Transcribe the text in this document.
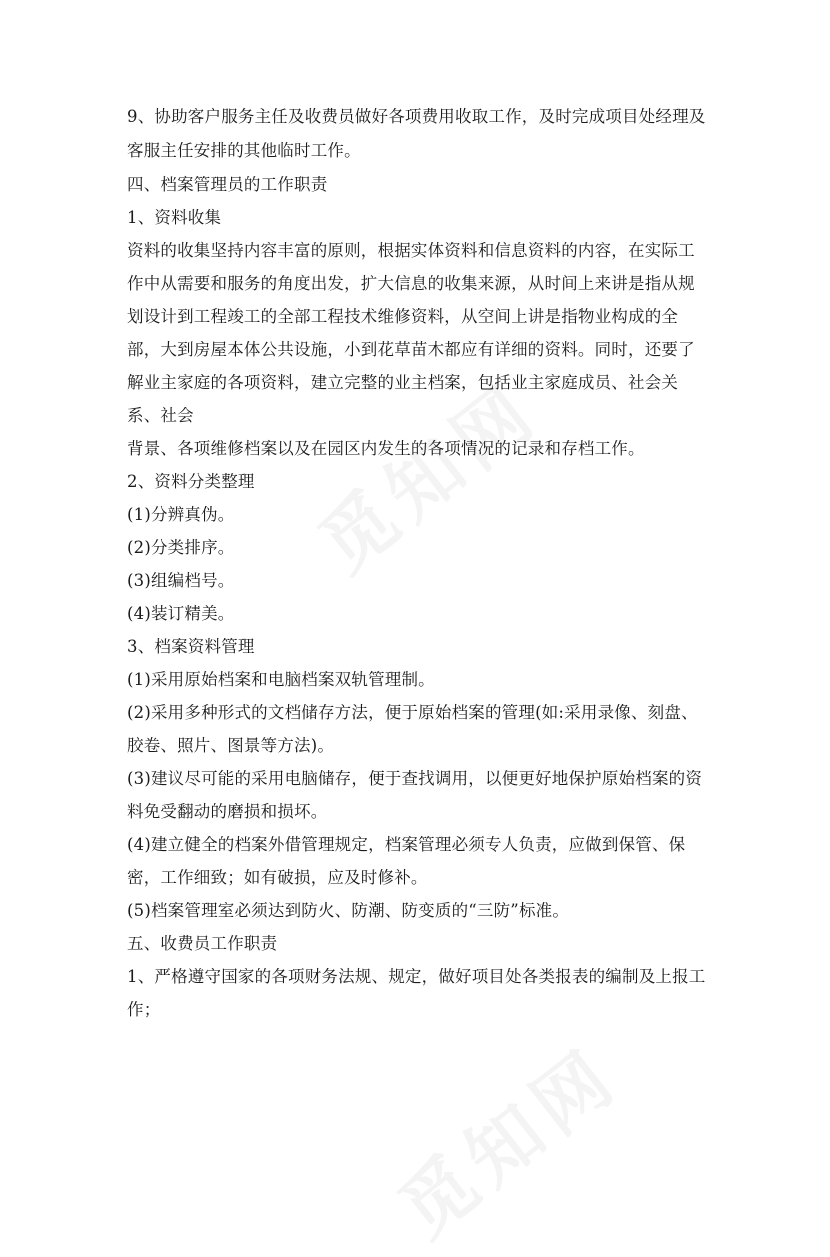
9、协助客户服务主任及收费员做好各项费用收取工作，及时完成项目处经理及
客服主任安排的其他临时工作。
四、档案管理员的工作职责
1、资料收集
资料的收集坚持内容丰富的原则，根据实体资料和信息资料的内容，在实际工
作中从需要和服务的角度出发，扩大信息的收集来源，从时间上来讲是指从规
划设计到工程竣工的全部工程技术维修资料，从空间上讲是指物业构成的全
部，大到房屋本体公共设施，小到花草苗木都应有详细的资料。同时，还要了
解业主家庭的各项资料，建立完整的业主档案，包括业主家庭成员、社会关
系、社会
背景、各项维修档案以及在园区内发生的各项情况的记录和存档工作。
2、资料分类整理
(1)分辨真伪。
(2)分类排序。
(3)组编档号。
(4)装订精美。
3、档案资料管理
(1)采用原始档案和电脑档案双轨管理制。
(2)采用多种形式的文档储存方法，便于原始档案的管理(如:采用录像、刻盘、
胶卷、照片、图景等方法)。
(3)建议尽可能的采用电脑储存，便于查找调用，以便更好地保护原始档案的资
料免受翻动的磨损和损坏。
(4)建立健全的档案外借管理规定，档案管理必须专人负责，应做到保管、保
密，工作细致；如有破损，应及时修补。
(5)档案管理室必须达到防火、防潮、防变质的“三防”标准。
五、收费员工作职责
1、严格遵守国家的各项财务法规、规定，做好项目处各类报表的编制及上报工
作；
